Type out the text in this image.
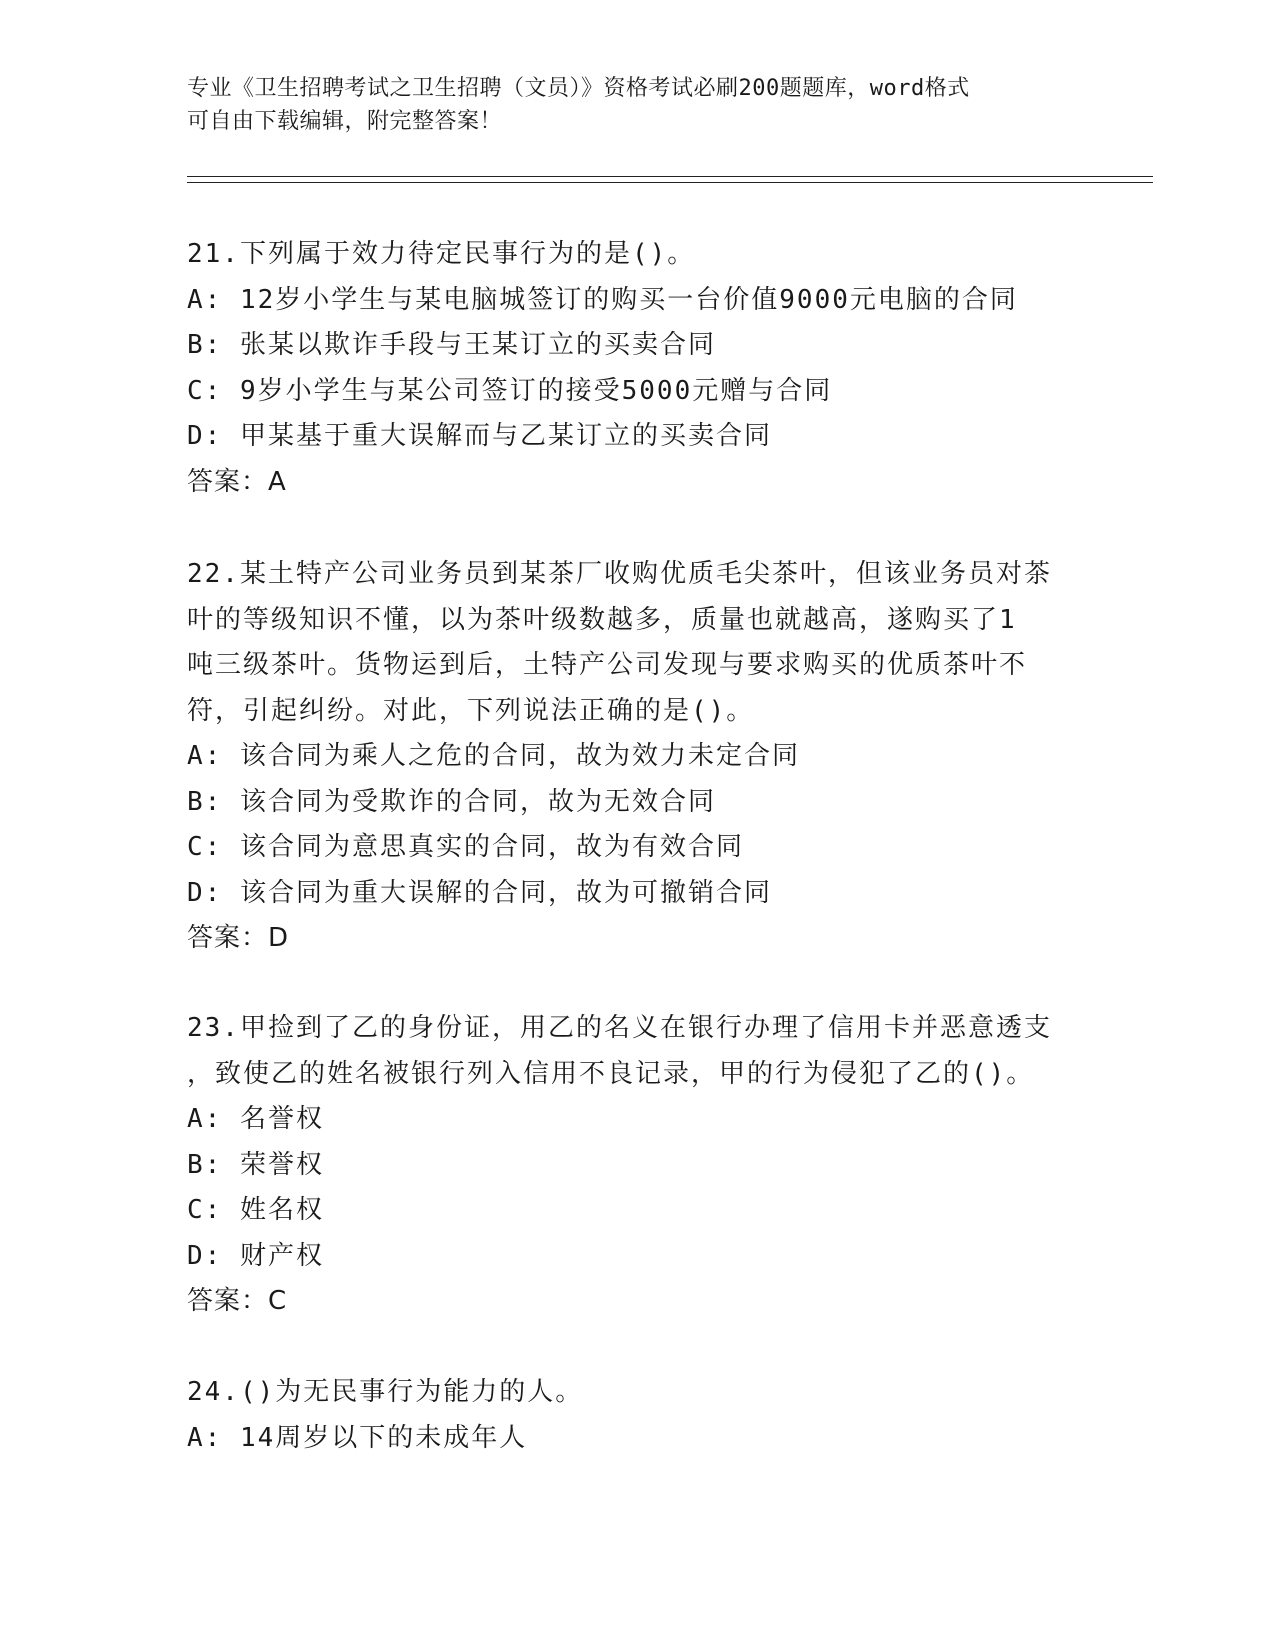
专业《卫生招聘考试之卫生招聘（文员）》资格考试必刷200题题库，word格式
可自由下载编辑，附完整答案！
21.下列属于效力待定民事行为的是()。
A: 12岁小学生与某电脑城签订的购买一台价值9000元电脑的合同
B: 张某以欺诈手段与王某订立的买卖合同
C: 9岁小学生与某公司签订的接受5000元赠与合同
D: 甲某基于重大误解而与乙某订立的买卖合同
答案：A
22.某土特产公司业务员到某茶厂收购优质毛尖茶叶，但该业务员对茶
叶的等级知识不懂，以为茶叶级数越多，质量也就越高，遂购买了1
吨三级茶叶。货物运到后，土特产公司发现与要求购买的优质茶叶不
符，引起纠纷。对此，下列说法正确的是()。
A: 该合同为乘人之危的合同，故为效力未定合同
B: 该合同为受欺诈的合同，故为无效合同
C: 该合同为意思真实的合同，故为有效合同
D: 该合同为重大误解的合同，故为可撤销合同
答案：D
23.甲捡到了乙的身份证，用乙的名义在银行办理了信用卡并恶意透支
，致使乙的姓名被银行列入信用不良记录，甲的行为侵犯了乙的()。
A: 名誉权
B: 荣誉权
C: 姓名权
D: 财产权
答案：C
24.()为无民事行为能力的人。
A: 14周岁以下的未成年人
